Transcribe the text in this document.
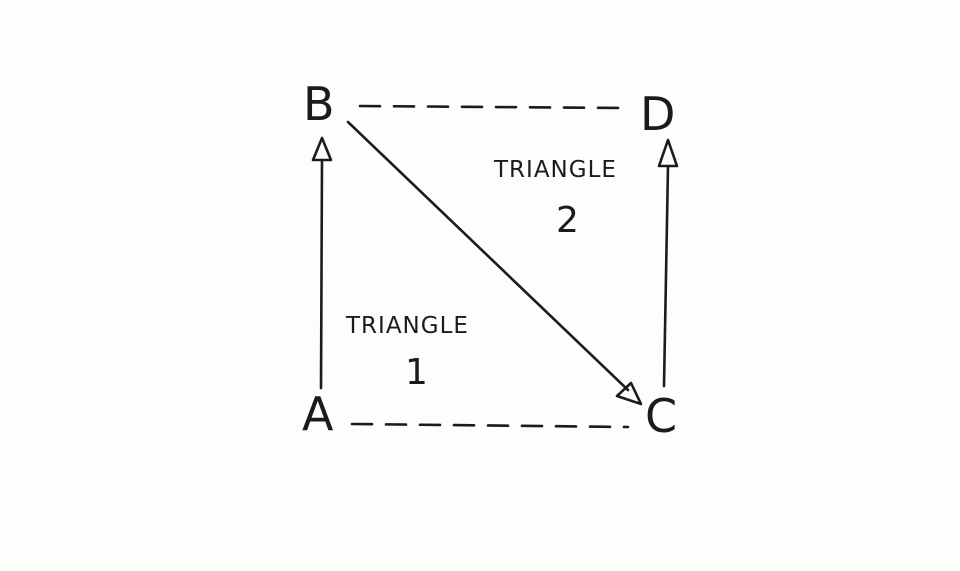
B	D
A	C
TRIANGLE
2
TRIANGLE
1
